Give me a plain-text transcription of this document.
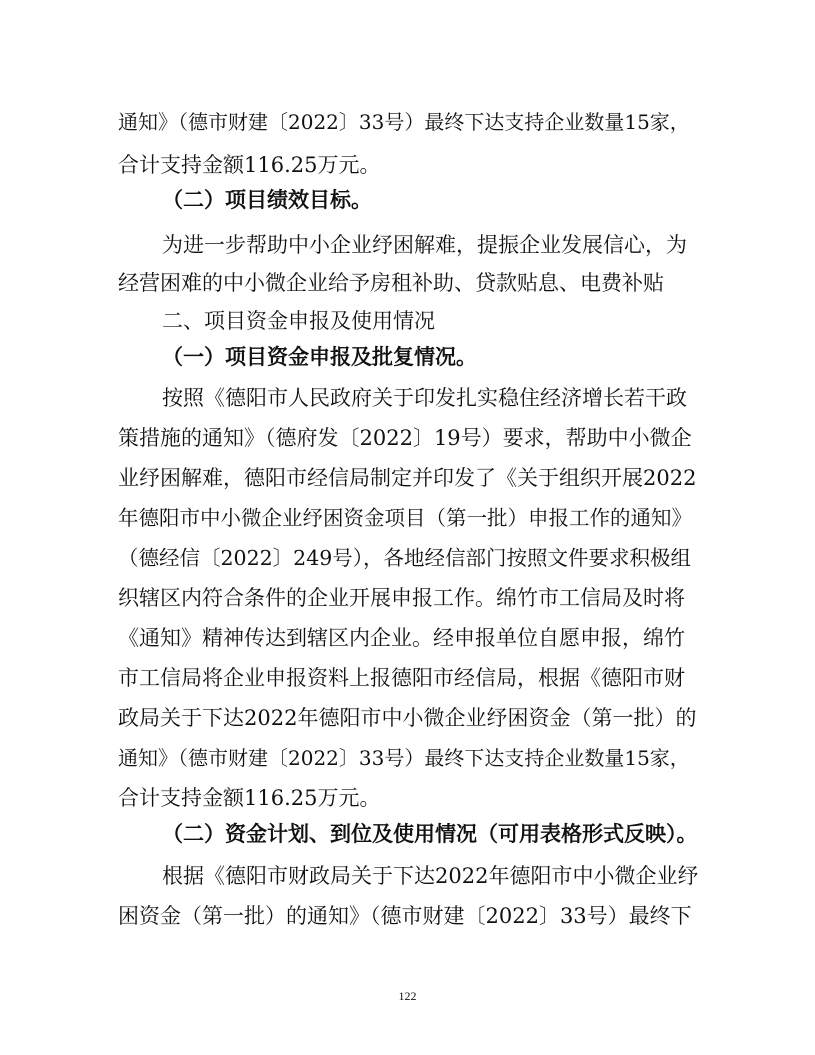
通知》（德市财建〔2022〕33号）最终下达支持企业数量15家，
合计支持金额116.25万元。
（二）项目绩效目标。
为进一步帮助中小企业纾困解难，提振企业发展信心，为
经营困难的中小微企业给予房租补助、贷款贴息、电费补贴
二、项目资金申报及使用情况
（一）项目资金申报及批复情况。
按照《德阳市人民政府关于印发扎实稳住经济增长若干政
策措施的通知》（德府发〔2022〕19号）要求，帮助中小微企
业纾困解难，德阳市经信局制定并印发了《关于组织开展2022
年德阳市中小微企业纾困资金项目（第一批）申报工作的通知》
（德经信〔2022〕249号），各地经信部门按照文件要求积极组
织辖区内符合条件的企业开展申报工作。绵竹市工信局及时将
《通知》精神传达到辖区内企业。经申报单位自愿申报，绵竹
市工信局将企业申报资料上报德阳市经信局，根据《德阳市财
政局关于下达2022年德阳市中小微企业纾困资金（第一批）的
通知》（德市财建〔2022〕33号）最终下达支持企业数量15家，
合计支持金额116.25万元。
（二）资金计划、到位及使用情况（可用表格形式反映）。
根据《德阳市财政局关于下达2022年德阳市中小微企业纾
困资金（第一批）的通知》（德市财建〔2022〕33号）最终下
122
